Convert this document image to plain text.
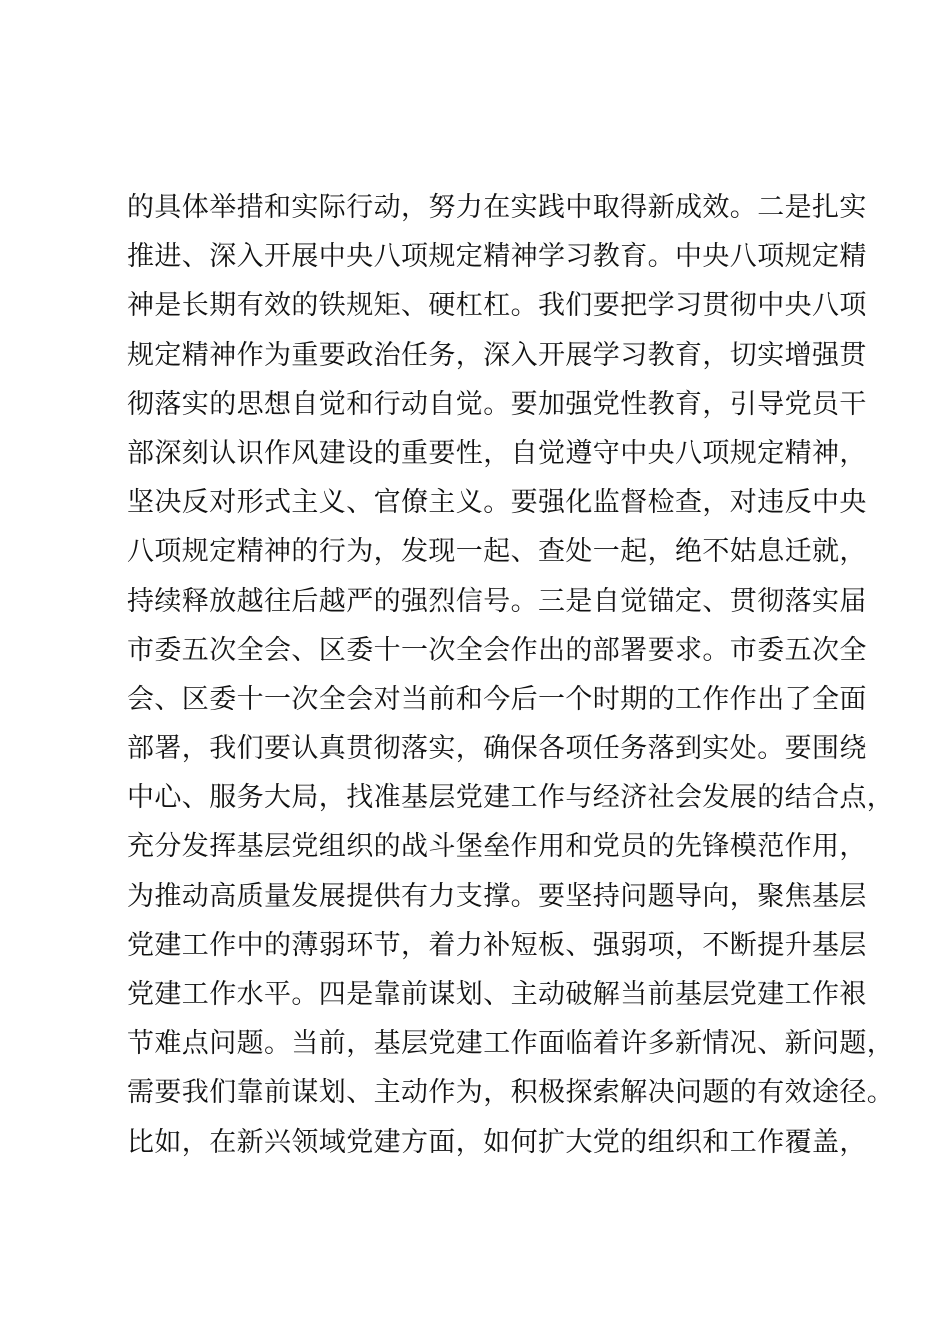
的具体举措和实际行动，努力在实践中取得新成效。二是扎实
推进、深入开展中央八项规定精神学习教育。中央八项规定精
神是长期有效的铁规矩、硬杠杠。我们要把学习贯彻中央八项
规定精神作为重要政治任务，深入开展学习教育，切实增强贯
彻落实的思想自觉和行动自觉。要加强党性教育，引导党员干
部深刻认识作风建设的重要性，自觉遵守中央八项规定精神，
坚决反对形式主义、官僚主义。要强化监督检查，对违反中央
八项规定精神的行为，发现一起、查处一起，绝不姑息迁就，
持续释放越往后越严的强烈信号。三是自觉锚定、贯彻落实届
市委五次全会、区委十一次全会作出的部署要求。市委五次全
会、区委十一次全会对当前和今后一个时期的工作作出了全面
部署，我们要认真贯彻落实，确保各项任务落到实处。要围绕
中心、服务大局，找准基层党建工作与经济社会发展的结合点，
充分发挥基层党组织的战斗堡垒作用和党员的先锋模范作用，
为推动高质量发展提供有力支撑。要坚持问题导向，聚焦基层
党建工作中的薄弱环节，着力补短板、强弱项，不断提升基层
党建工作水平。四是靠前谋划、主动破解当前基层党建工作裉
节难点问题。当前，基层党建工作面临着许多新情况、新问题，
需要我们靠前谋划、主动作为，积极探索解决问题的有效途径。
比如，在新兴领域党建方面，如何扩大党的组织和工作覆盖，
